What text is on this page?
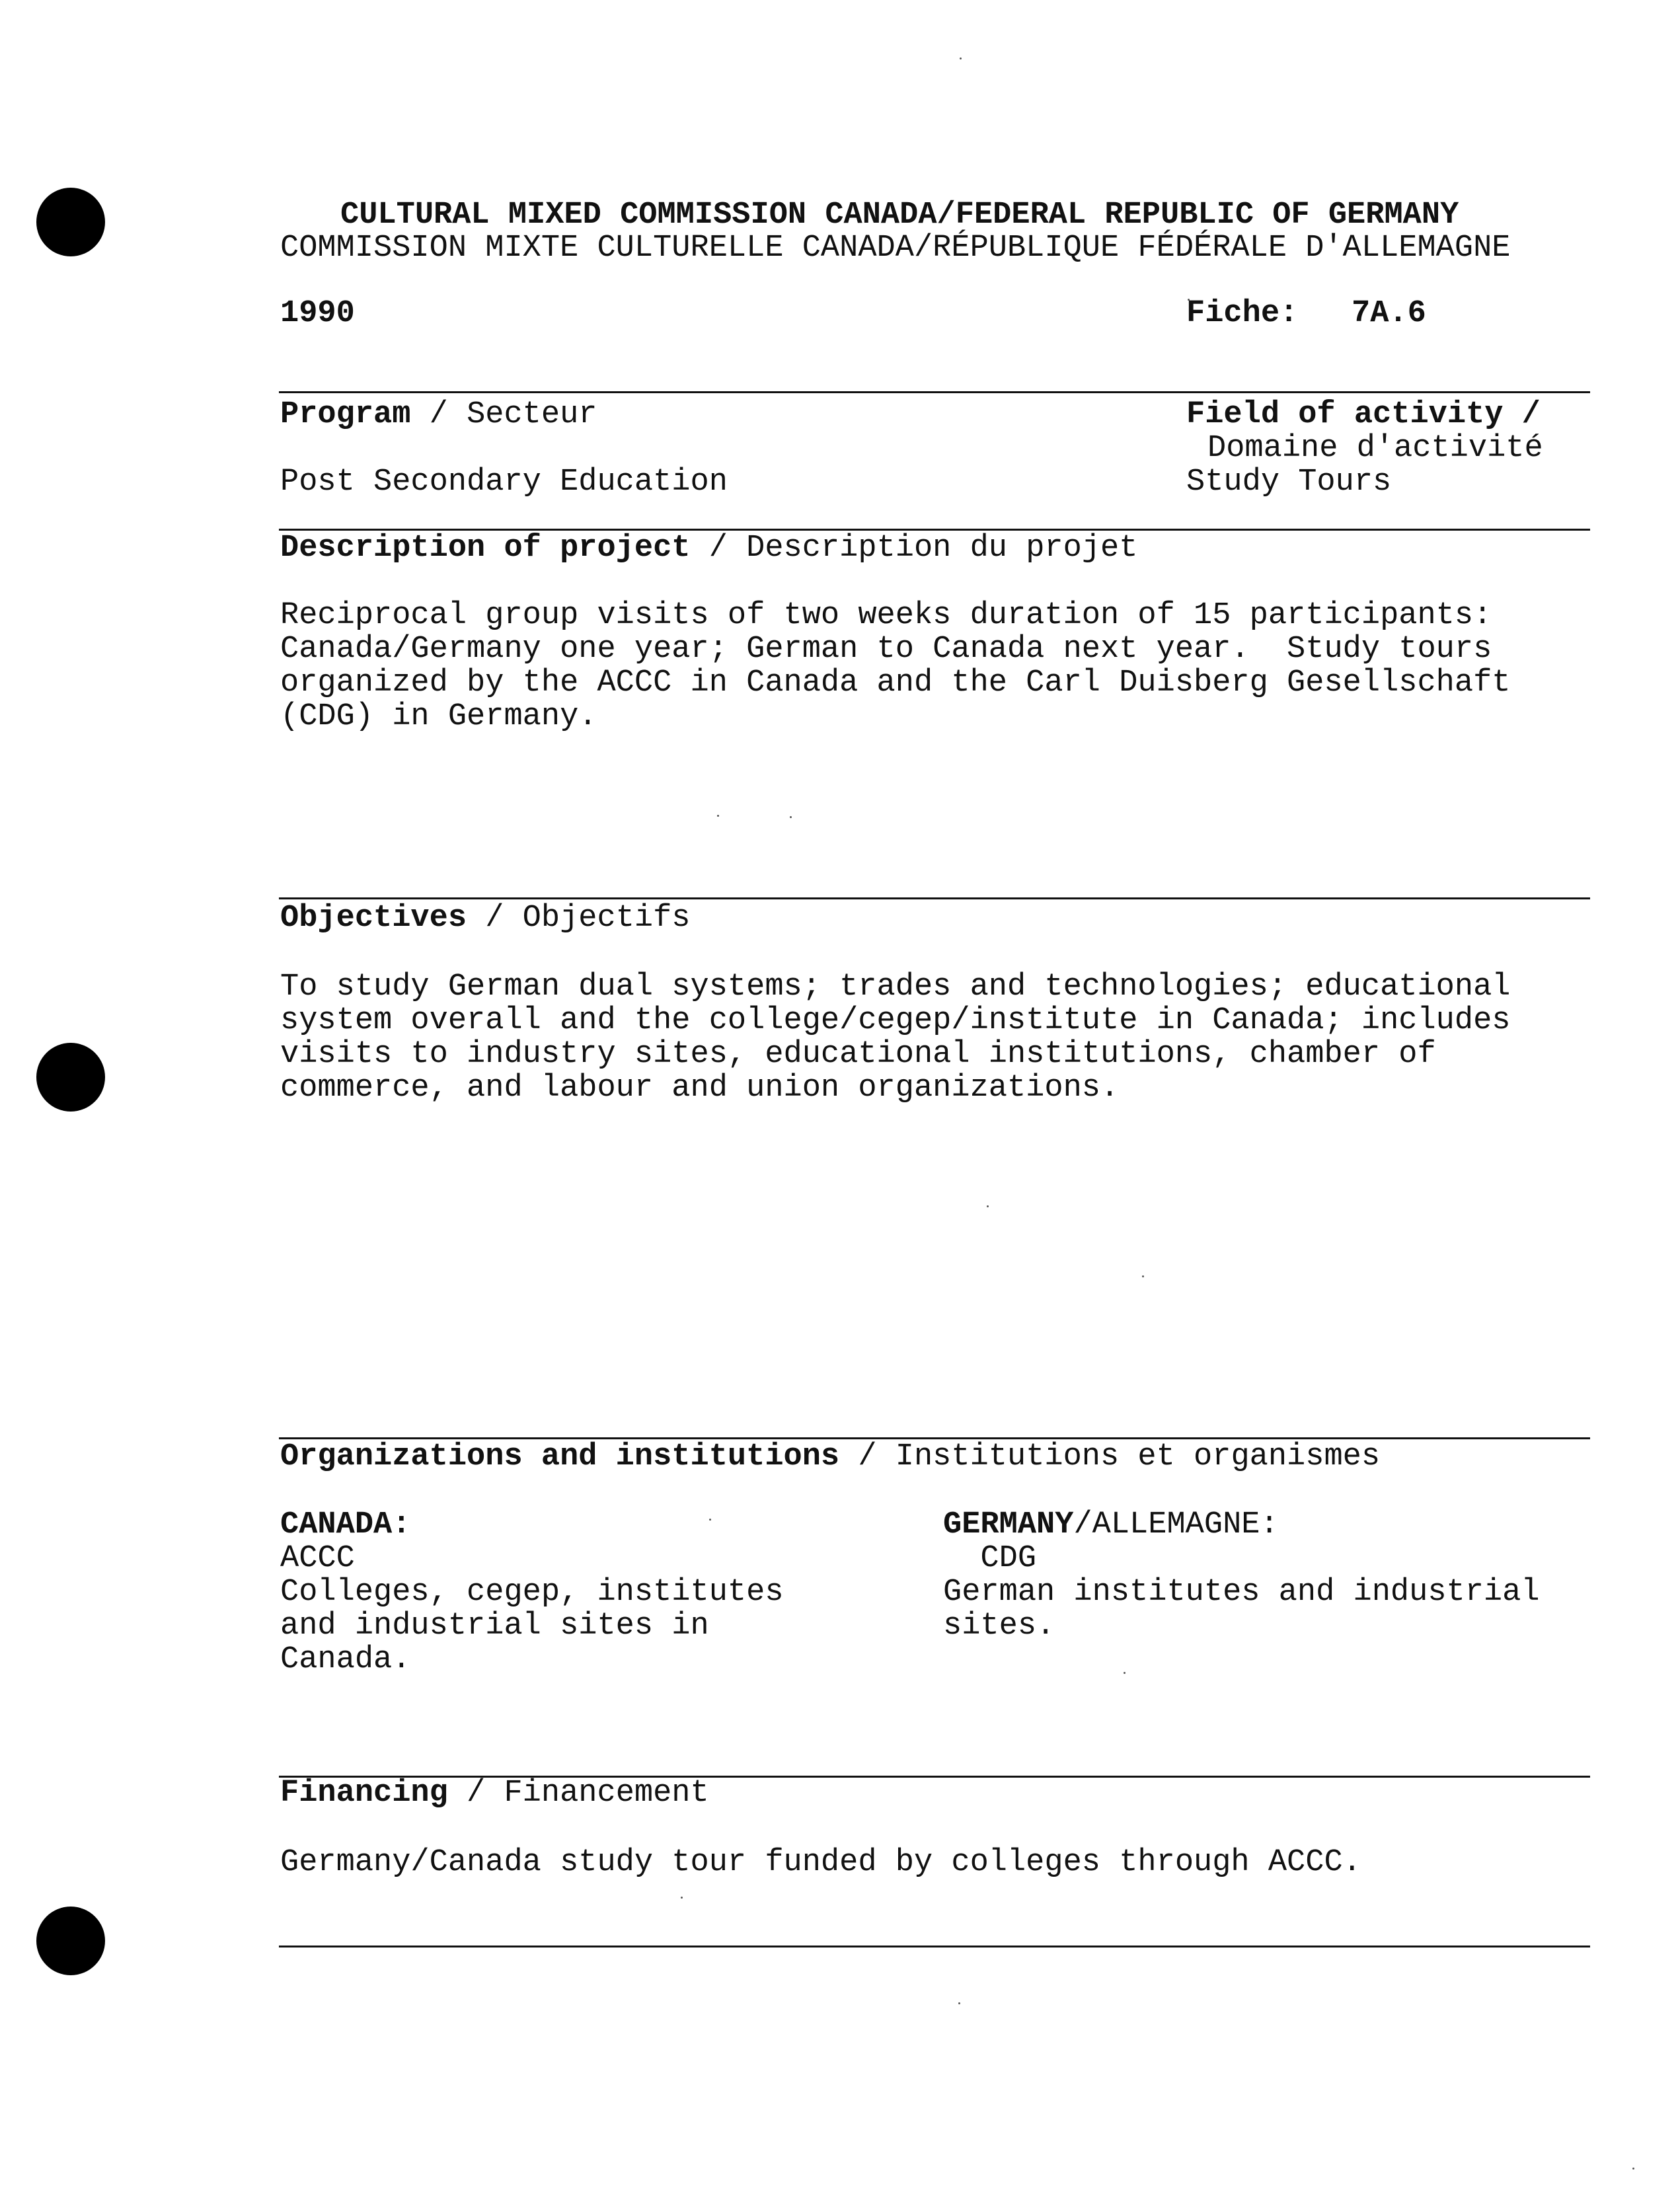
CULTURAL MIXED COMMISSION CANADA/FEDERAL REPUBLIC OF GERMANY
COMMISSION MIXTE CULTURELLE CANADA/RÉPUBLIQUE FÉDÉRALE D'ALLEMAGNE
1990	Fiche: 7A.6
Program / Secteur	Field of activity /
Domaine d'activité
Post Secondary Education	Study Tours
Description of project / Description du projet
Reciprocal group visits of two weeks duration of 15 participants:
Canada/Germany one year; German to Canada next year.  Study tours
organized by the ACCC in Canada and the Carl Duisberg Gesellschaft
(CDG) in Germany.
Objectives / Objectifs
To study German dual systems; trades and technologies; educational
system overall and the college/cegep/institute in Canada; includes
visits to industry sites, educational institutions, chamber of
commerce, and labour and union organizations.
Organizations and institutions / Institutions et organismes
CANADA:
ACCC
Colleges, cegep, institutes
and industrial sites in
Canada.
GERMANY/ALLEMAGNE:
CDG
German institutes and industrial
sites.
Financing / Financement
Germany/Canada study tour funded by colleges through ACCC.
